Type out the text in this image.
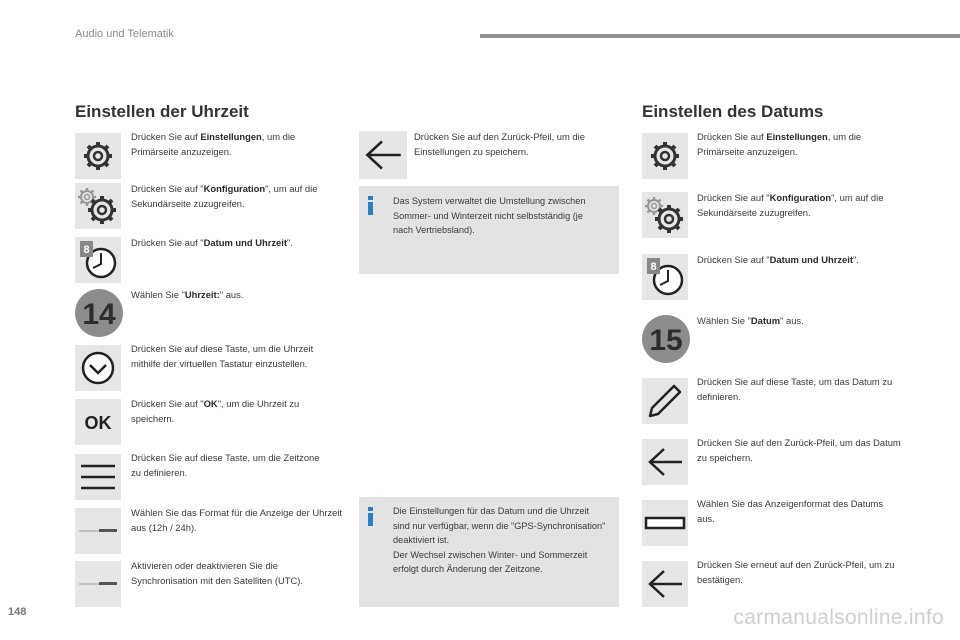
Audio und Telematik
Einstellen der Uhrzeit
Drücken Sie auf Einstellungen, um die Primärseite anzuzeigen.
Drücken Sie auf "Konfiguration", um auf die Sekundärseite zuzugreifen.
8
Drücken Sie auf "Datum und Uhrzeit".
14
Wählen Sie "Uhrzeit:" aus.
Drücken Sie auf diese Taste, um die Uhrzeit mithilfe der virtuellen Tastatur einzustellen.
OK
Drücken Sie auf "OK", um die Uhrzeit zu speichern.
Drücken Sie auf diese Taste, um die Zeitzone zu definieren.
Wählen Sie das Format für die Anzeige der Uhrzeit aus (12h / 24h).
Aktivieren oder deaktivieren Sie die Synchronisation mit den Satelliten (UTC).
Drücken Sie auf den Zurück-Pfeil, um die Einstellungen zu speichern.
Das System verwaltet die Umstellung zwischen Sommer- und Winterzeit nicht selbstständig (je nach Vertriebsland).
Die Einstellungen für das Datum und die Uhrzeit sind nur verfügbar, wenn die "GPS-Synchronisation" deaktiviert ist.
Der Wechsel zwischen Winter- und Sommerzeit erfolgt durch Änderung der Zeitzone.
Einstellen des Datums
Drücken Sie auf Einstellungen, um die Primärseite anzuzeigen.
Drücken Sie auf "Konfiguration", um auf die Sekundärseite zuzugreifen.
8
Drücken Sie auf "Datum und Uhrzeit".
15
Wählen Sie "Datum" aus.
Drücken Sie auf diese Taste, um das Datum zu definieren.
Drücken Sie auf den Zurück-Pfeil, um das Datum zu speichern.
Wählen Sie das Anzeigenformat des Datums aus.
Drücken Sie erneut auf den Zurück-Pfeil, um zu bestätigen.
148	carmanualsonline.info
